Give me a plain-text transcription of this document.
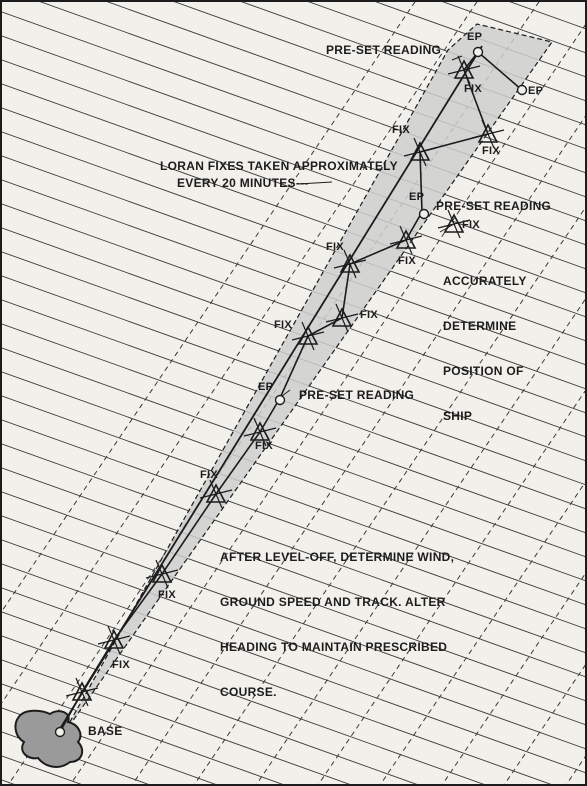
PRE-SET READING

EP

EP

FIX

FIX

FIX

LORAN FIXES TAKEN APPROXIMATELY

EVERY 20 MINUTES---

EP

PRE-SET READING

FIX

ACCURATELY

DETERMINE

POSITION OF

SHIP

FIX

FIX

FIX

FIX

EP

PRE-SET READING

FIX

FIX

AFTER LEVEL-OFF, DETERMINE WIND,

GROUND SPEED AND TRACK. ALTER

HEADING TO MAINTAIN PRESCRIBED

COURSE.

FIX

FIX

BASE
